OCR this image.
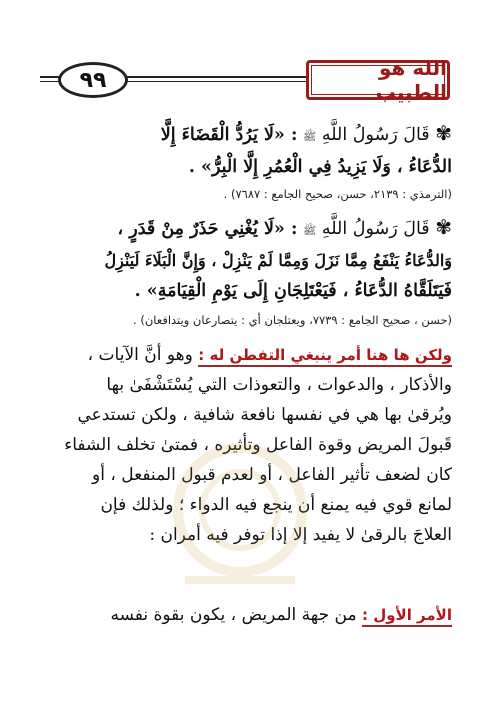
الله هو الطبيب
٩٩
✾ قَالَ رَسُولُ اللَّهِ ﷺ : «لَا يَرُدُّ الْقَضَاءَ إِلَّا
الدُّعَاءُ ، وَلَا يَزِيدُ فِي الْعُمُرِ إِلَّا الْبِرُّ» .
(الترمذي : ٢١٣٩، حسن، صحيح الجامع : ٧٦٨٧) .
✾ قَالَ رَسُولُ اللَّهِ ﷺ : «لَا يُغْنِي حَذَرٌ مِنْ قَدَرٍ ،
وَالدُّعَاءُ يَنْفَعُ مِمَّا نَزَلَ وَمِمَّا لَمْ يَنْزِلْ ، وَإِنَّ الْبَلَاءَ لَيَنْزِلُ
فَيَتَلَقَّاهُ الدُّعَاءُ ، فَيَعْتَلِجَانِ إِلَى يَوْمِ الْقِيَامَةِ» .
(حسن ، صحيح الجامع : ٧٧٣٩، ويعتلجان أي : يتصارعان ويتدافعان) .
ولكن ها هنا أمر ينبغي التفطن له : وهو أنَّ الآيات ،
والأذكار ، والدعوات ، والتعوذات التي يُسْتَشْفَىٰ بها
ويُرقىٰ بها هي في نفسها نافعة شافية ، ولكن تستدعي
قَبولَ المريض وقوة الفاعل وتأثيره ، فمتىٰ تخلف الشفاء
كان لضعف تأثير الفاعل ، أو لعدم قبول المنفعل ، أو
لمانع قوي فيه يمنع أن ينجع فيه الدواء ؛ ولذلك فإن
العلاجَ بالرقىٰ لا يفيد إلا إذا توفر فيه أمران :
الأمر الأول : من جهة المريض ، يكون بقوة نفسه
